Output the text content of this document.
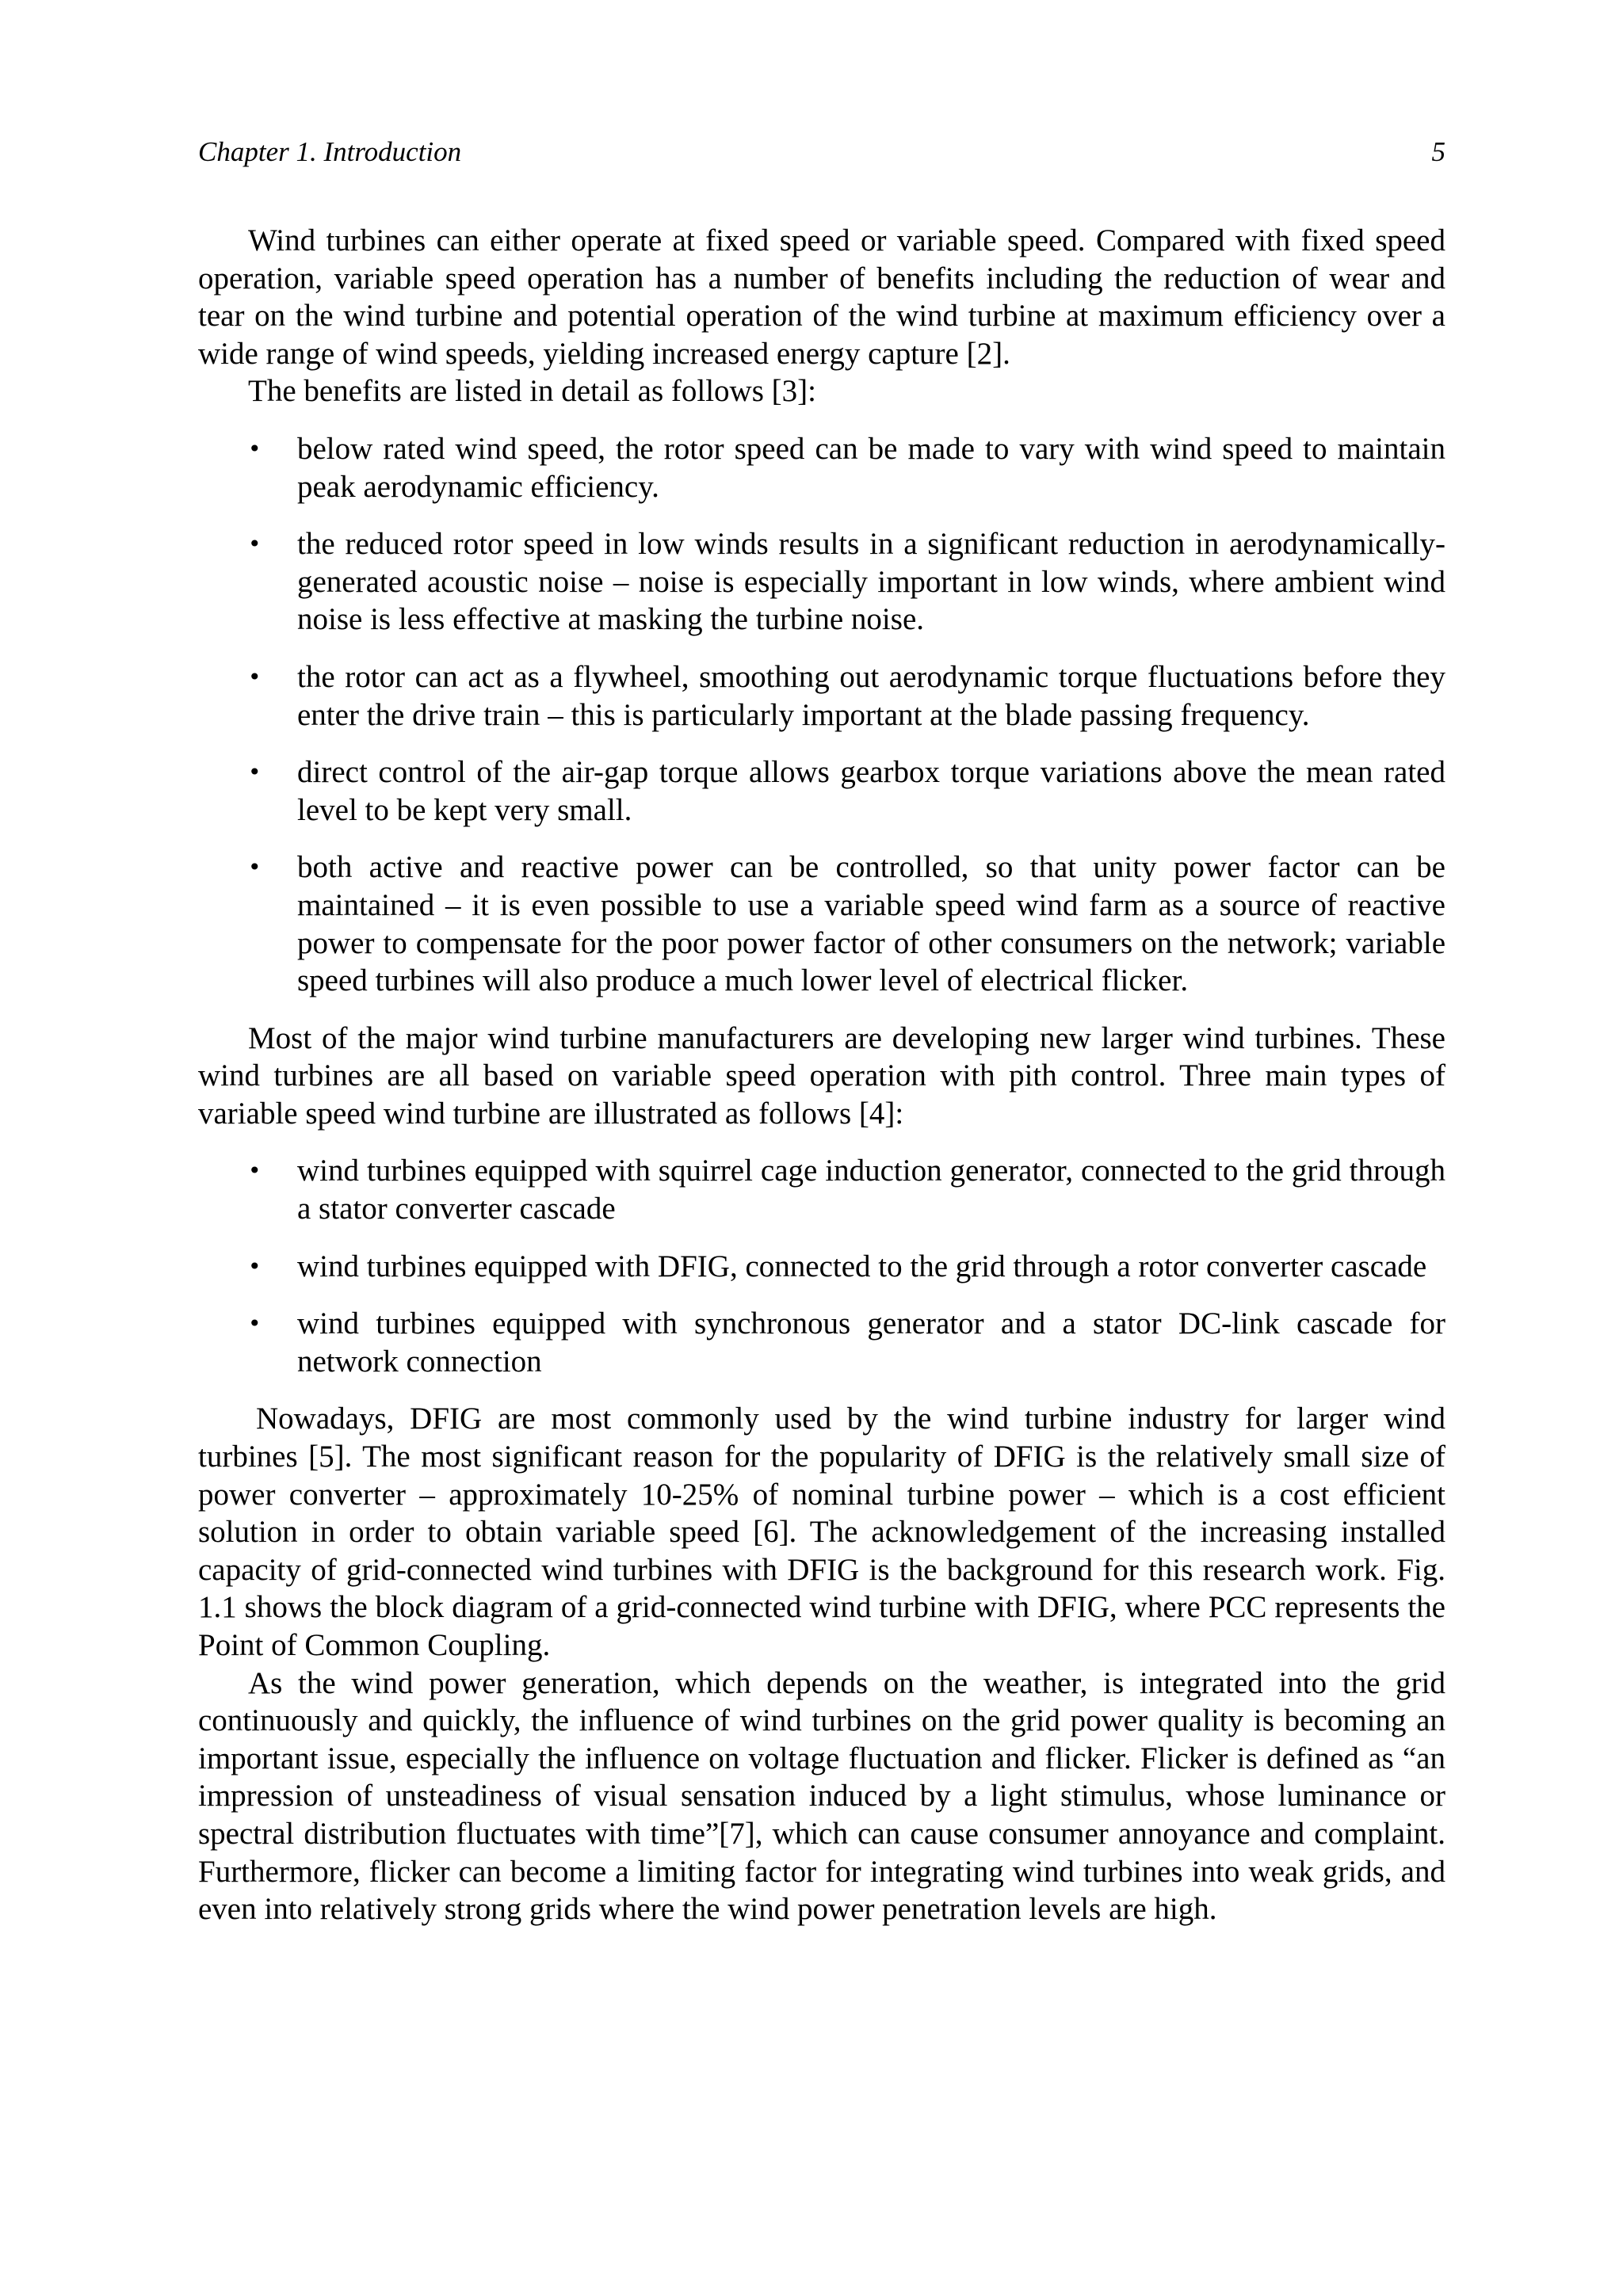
Chapter 1. Introduction	5

Wind turbines can either operate at fixed speed or variable speed. Compared with fixed speed operation, variable speed operation has a number of benefits including the reduction of wear and tear on the wind turbine and potential operation of the wind turbine at maximum efficiency over a wide range of wind speeds, yielding increased energy capture [2].

The benefits are listed in detail as follows [3]:

• below rated wind speed, the rotor speed can be made to vary with wind speed to maintain peak aerodynamic efficiency.
• the reduced rotor speed in low winds results in a significant reduction in aerodynamically-generated acoustic noise – noise is especially important in low winds, where ambient wind noise is less effective at masking the turbine noise.
• the rotor can act as a flywheel, smoothing out aerodynamic torque fluctuations before they enter the drive train – this is particularly important at the blade passing frequency.
• direct control of the air-gap torque allows gearbox torque variations above the mean rated level to be kept very small.
• both active and reactive power can be controlled, so that unity power factor can be maintained – it is even possible to use a variable speed wind farm as a source of reactive power to compensate for the poor power factor of other consumers on the network; variable speed turbines will also produce a much lower level of electrical flicker.

Most of the major wind turbine manufacturers are developing new larger wind turbines. These wind turbines are all based on variable speed operation with pith control. Three main types of variable speed wind turbine are illustrated as follows [4]:

• wind turbines equipped with squirrel cage induction generator, connected to the grid through a stator converter cascade
• wind turbines equipped with DFIG, connected to the grid through a rotor converter cascade
• wind turbines equipped with synchronous generator and a stator DC-link cascade for network connection

Nowadays, DFIG are most commonly used by the wind turbine industry for larger wind turbines [5]. The most significant reason for the popularity of DFIG is the relatively small size of power converter – approximately 10-25% of nominal turbine power – which is a cost efficient solution in order to obtain variable speed [6]. The acknowledgement of the increasing installed capacity of grid-connected wind turbines with DFIG is the background for this research work. Fig. 1.1 shows the block diagram of a grid-connected wind turbine with DFIG, where PCC represents the Point of Common Coupling.

As the wind power generation, which depends on the weather, is integrated into the grid continuously and quickly, the influence of wind turbines on the grid power quality is becoming an important issue, especially the influence on voltage fluctuation and flicker. Flicker is defined as “an impression of unsteadiness of visual sensation induced by a light stimulus, whose luminance or spectral distribution fluctuates with time”[7], which can cause consumer annoyance and complaint. Furthermore, flicker can become a limiting factor for integrating wind turbines into weak grids, and even into relatively strong grids where the wind power penetration levels are high.
